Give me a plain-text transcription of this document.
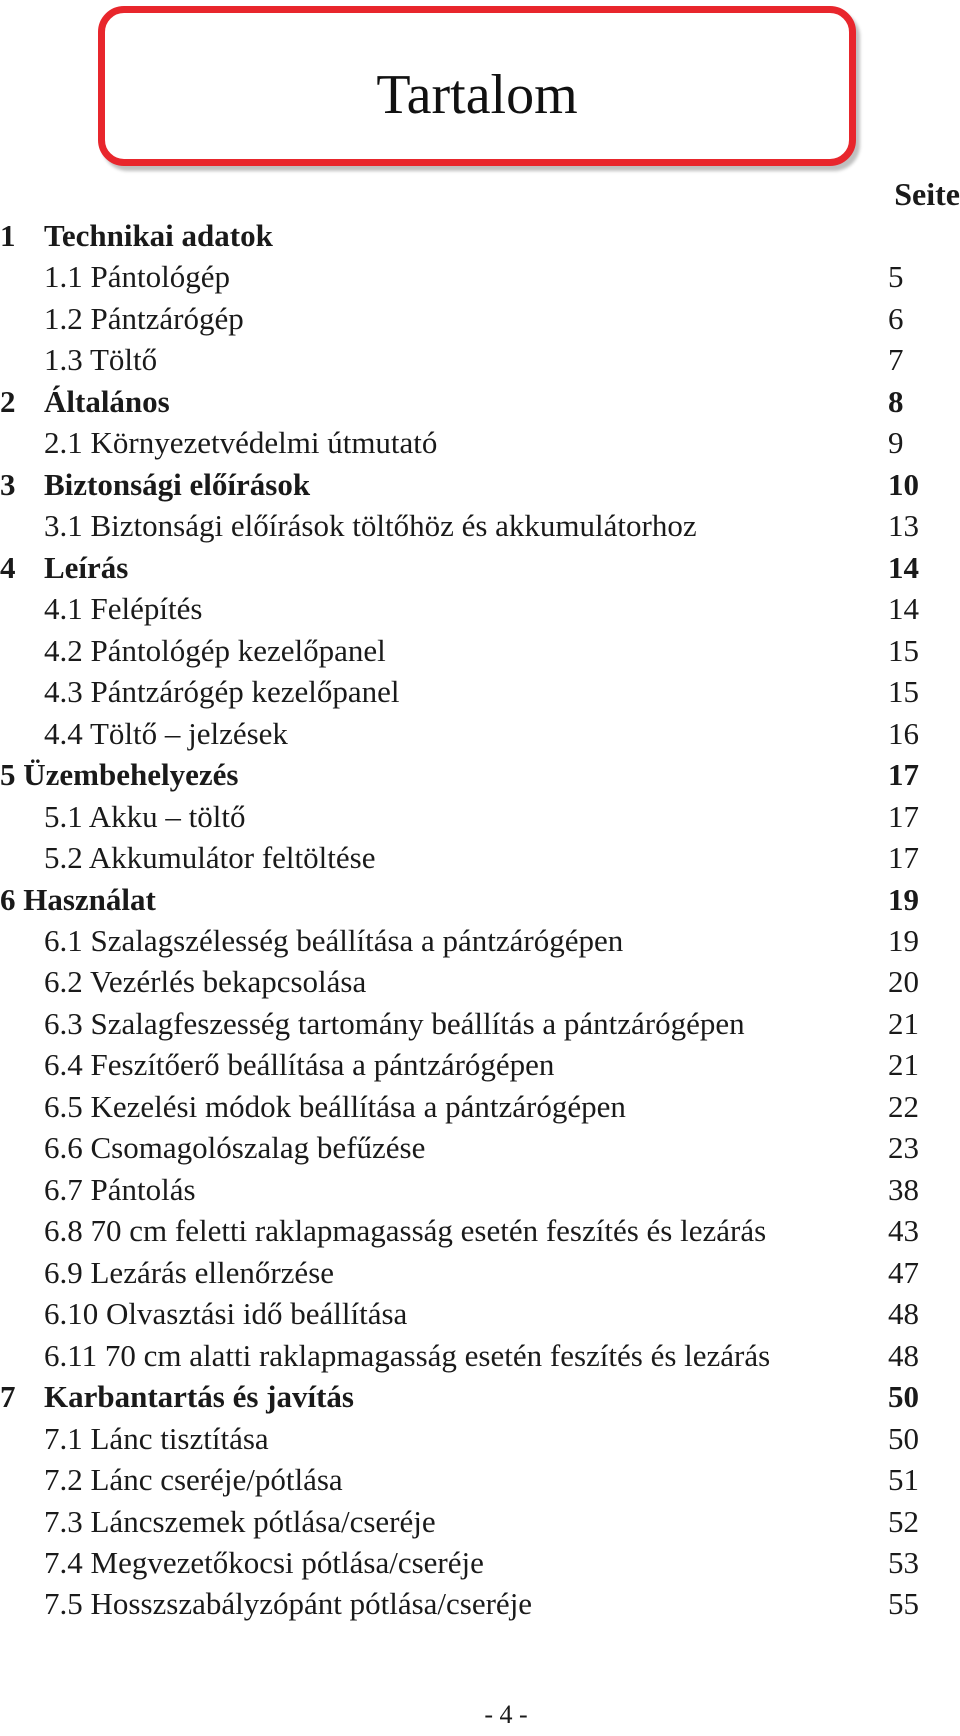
Tartalom
Seite
1 Technikai adatok
1.1 Pántológép	5
1.2 Pántzárógép	6
1.3 Töltő	7
2 Általános	8
2.1 Környezetvédelmi útmutató	9
3 Biztonsági előírások	10
3.1 Biztonsági előírások töltőhöz és akkumulátorhoz	13
4 Leírás	14
4.1 Felépítés	14
4.2 Pántológép kezelőpanel	15
4.3 Pántzárógép kezelőpanel	15
4.4 Töltő – jelzések	16
5 Üzembehelyezés	17
5.1 Akku – töltő	17
5.2 Akkumulátor feltöltése	17
6 Használat	19
6.1 Szalagszélesség beállítása a pántzárógépen	19
6.2 Vezérlés bekapcsolása	20
6.3 Szalagfeszesség tartomány beállítás a pántzárógépen	21
6.4 Feszítőerő beállítása a pántzárógépen	21
6.5 Kezelési módok beállítása a pántzárógépen	22
6.6 Csomagolószalag befűzése	23
6.7 Pántolás	38
6.8 70 cm feletti raklapmagasság esetén feszítés és lezárás	43
6.9 Lezárás ellenőrzése	47
6.10 Olvasztási idő beállítása	48
6.11 70 cm alatti raklapmagasság esetén feszítés és lezárás	48
7 Karbantartás és javítás	50
7.1 Lánc tisztítása	50
7.2 Lánc cseréje/pótlása	51
7.3 Láncszemek pótlása/cseréje	52
7.4 Megvezetőkocsi pótlása/cseréje	53
7.5 Hosszszabályzópánt pótlása/cseréje	55
- 4 -
